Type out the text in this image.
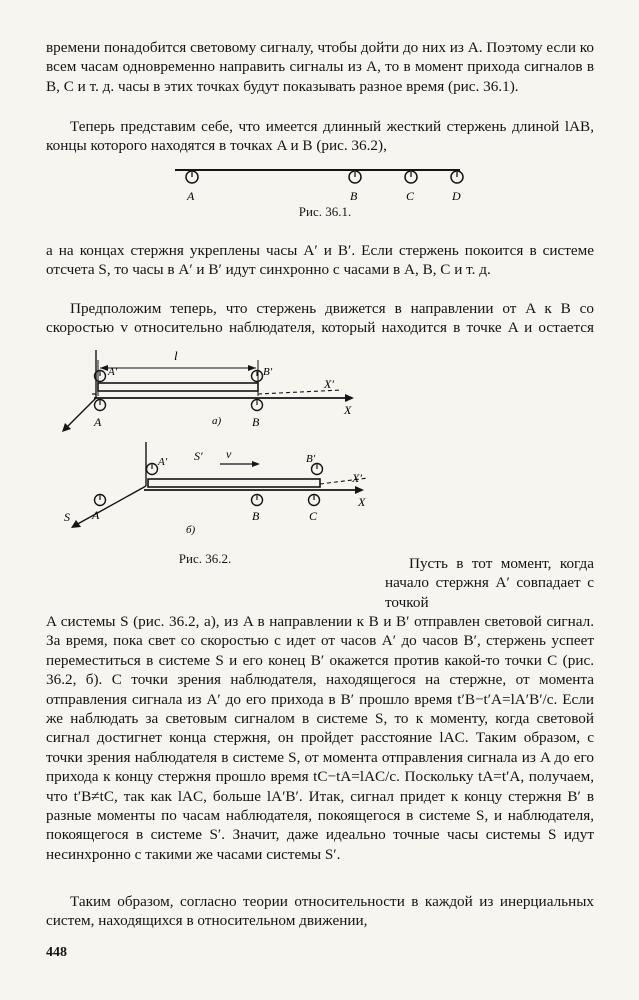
времени понадобится световому сигналу, чтобы дойти до них из A. Поэтому если ко всем часам одновременно направить сигналы из A, то в момент прихода сигналов в B, C и т. д. часы в этих точках будут показывать разное время (рис. 36.1).

Теперь представим себе, что имеется длинный жесткий стержень длиной lAB, концы которого находятся в точках A и B (рис. 36.2),

A	B	C	D
Рис. 36.1.

а на концах стержня укреплены часы A′ и B′. Если стержень покоится в системе отсчета S, то часы в A′ и B′ идут синхронно с часами в A, B, C и т. д.

Предположим теперь, что стержень движется в направлении от A к B со скоростью v относительно наблюдателя, который находится в точке A и остается

l
A′	B′
X′
X
A	B
а)
A′	B′
S′ v
X′
X
A	B	C
S
б)
Рис. 36.2.	Пусть в тот момент, когда начало стержня A′ совпадает с точкой

A системы S (рис. 36.2, а), из A в направлении к B и B′ отправлен световой сигнал. За время, пока свет со скоростью c идет от часов A′ до часов B′, стержень успеет переместиться в системе S и его конец B′ окажется против какой-то точки C (рис. 36.2, б). С точки зрения наблюдателя, находящегося на стержне, от момента отправления сигнала из A′ до его прихода в B′ прошло время t′B−t′A=lA′B′/c. Если же наблюдать за световым сигналом в системе S, то к моменту, когда световой сигнал достигнет конца стержня, он пройдет расстояние lAC. Таким образом, с точки зрения наблюдателя в системе S, от момента отправления сигнала из A до его прихода к концу стержня прошло время tC−tA=lAC/c. Поскольку tA=t′A, получаем, что t′B≠tC, так как lAC, больше lA′B′. Итак, сигнал придет к концу стержня B′ в разные моменты по часам наблюдателя, покоящегося в системе S, и наблюдателя, покоящегося в системе S′. Значит, даже идеально точные часы системы S идут несинхронно с такими же часами системы S′.

Таким образом, согласно теории относительности в каждой из инерциальных систем, находящихся в относительном движении,

448
